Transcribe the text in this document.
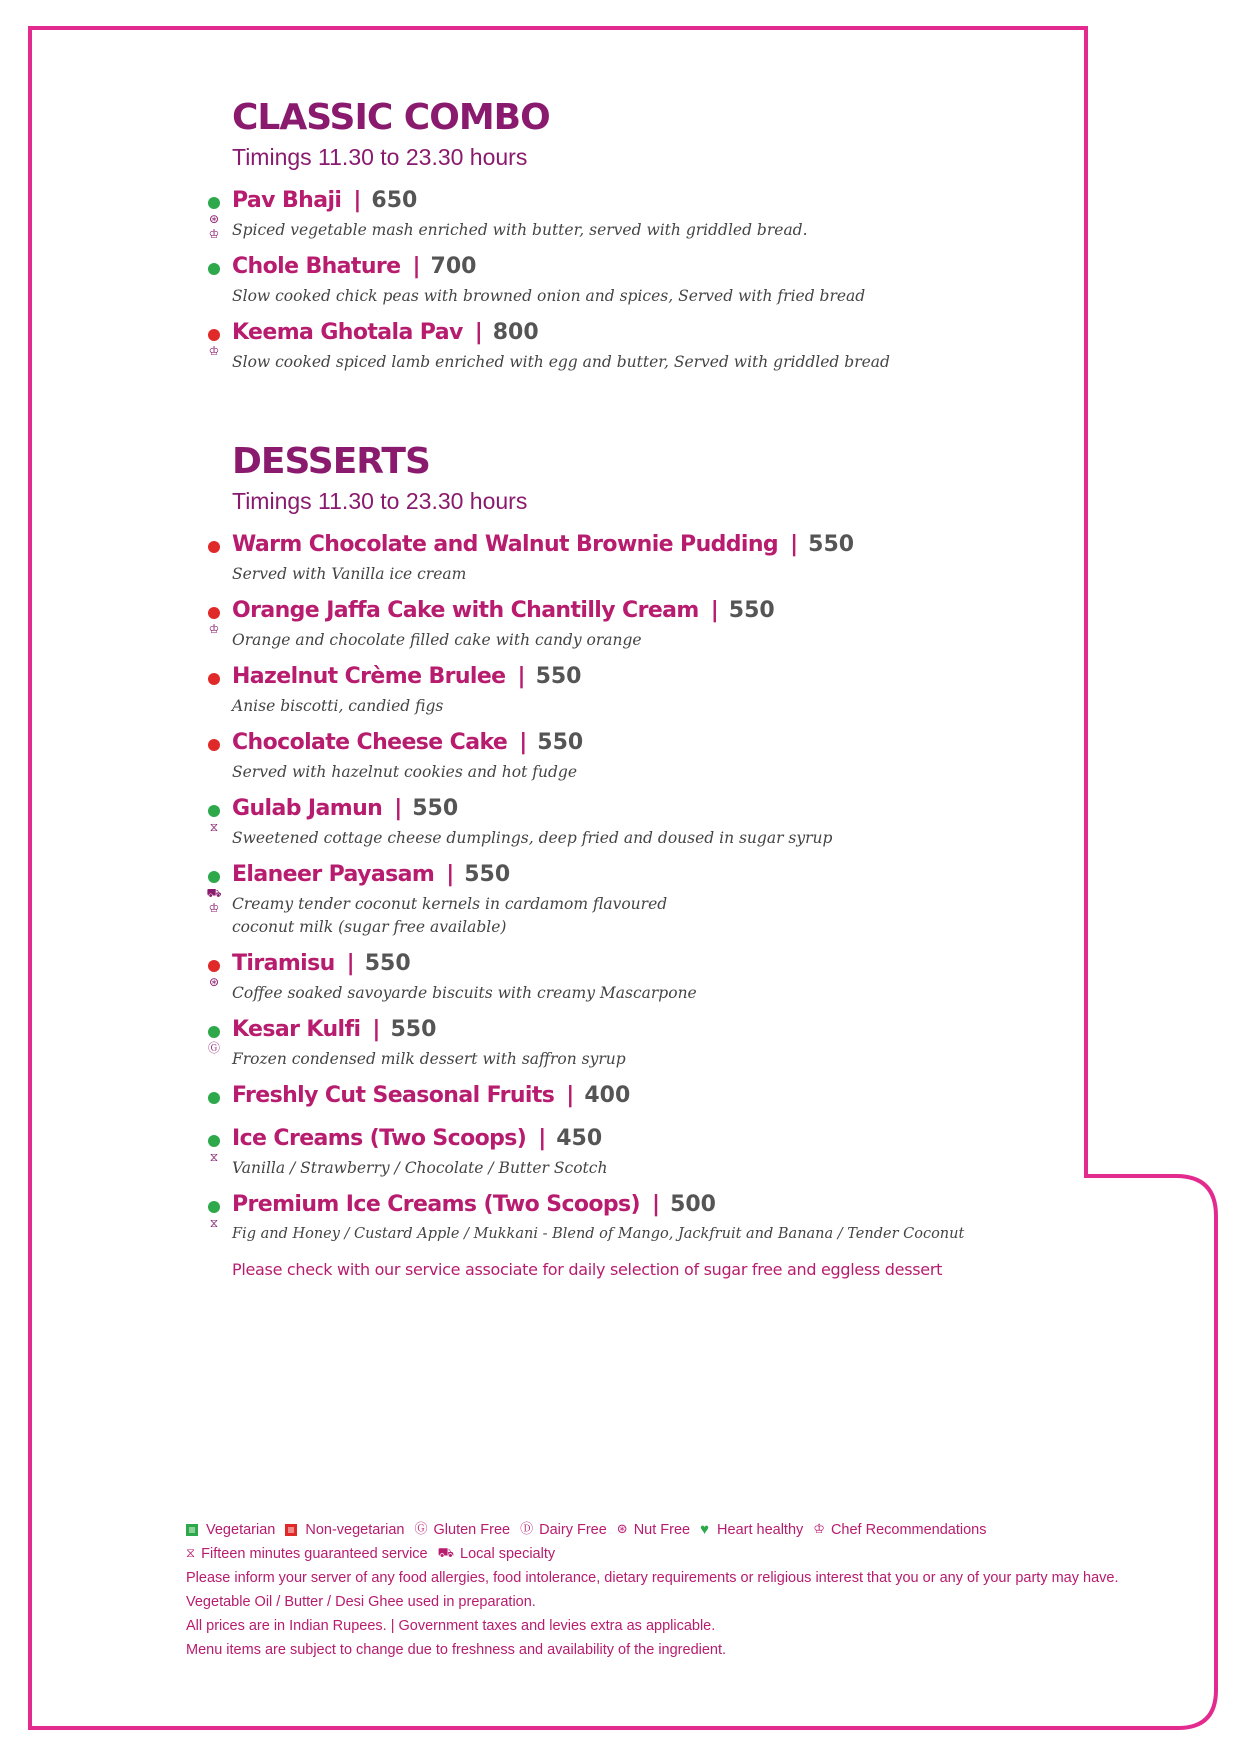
CLASSIC COMBO
Timings 11.30 to 23.30 hours
⊛
♔
Pav Bhaji	| 650
Spiced vegetable mash enriched with butter, served with griddled bread.
Chole Bhature	| 700
Slow cooked chick peas with browned onion and spices, Served with fried bread
♔
Keema Ghotala Pav	| 800
Slow cooked spiced lamb enriched with egg and butter, Served with griddled bread
DESSERTS
Timings 11.30 to 23.30 hours
Warm Chocolate and Walnut Brownie Pudding	| 550
Served with Vanilla ice cream
♔
Orange Jaffa Cake with Chantilly Cream	| 550
Orange and chocolate filled cake with candy orange
Hazelnut Crème Brulee	| 550
Anise biscotti, candied figs
Chocolate Cheese Cake	| 550
Served with hazelnut cookies and hot fudge
⧖
Gulab Jamun	| 550
Sweetened cottage cheese dumplings, deep fried and doused in sugar syrup
⛟
♔
Elaneer Payasam	| 550
Creamy tender coconut kernels in cardamom flavoured coconut milk (sugar free available)
⊛
Tiramisu	| 550
Coffee soaked savoyarde biscuits with creamy Mascarpone
Ⓖ
Kesar Kulfi	| 550
Frozen condensed milk dessert with saffron syrup
Freshly Cut Seasonal Fruits	| 400
⧖
Ice Creams (Two Scoops)	| 450
Vanilla / Strawberry / Chocolate / Butter Scotch
⧖
Premium Ice Creams (Two Scoops)	| 500
Fig and Honey / Custard Apple / Mukkani - Blend of Mango, Jackfruit and Banana / Tender Coconut
Please check with our service associate for daily selection of sugar free and eggless dessert
Vegetarian Non-vegetarian Ⓖ Gluten Free Ⓓ Dairy Free ⊛ Nut Free ♥ Heart healthy ♔ Chef Recommendations
⧖ Fifteen minutes guaranteed service ⛟ Local specialty
Please inform your server of any food allergies, food intolerance, dietary requirements or religious interest that you or any of your party may have.
Vegetable Oil / Butter / Desi Ghee used in preparation.
All prices are in Indian Rupees. | Government taxes and levies extra as applicable.
Menu items are subject to change due to freshness and availability of the ingredient.
